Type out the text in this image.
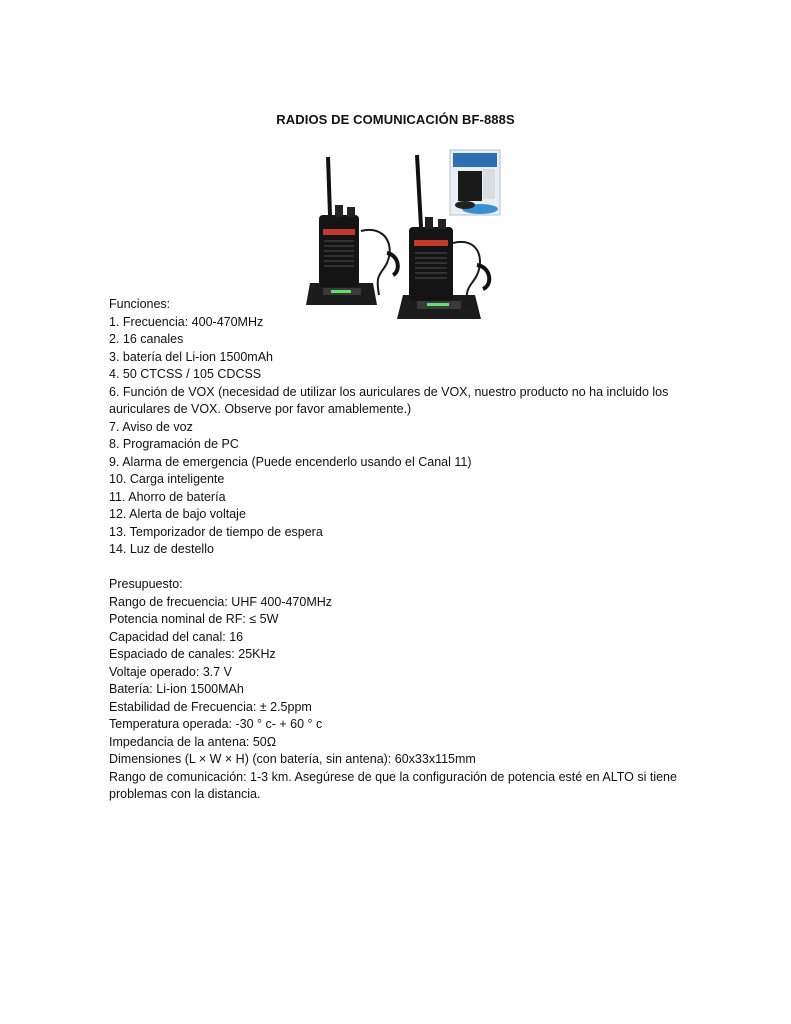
RADIOS DE COMUNICACIÓN BF-888S
Funciones:
1. Frecuencia: 400-470MHz
2. 16 canales
3. batería del Li-ion 1500mAh
4. 50 CTCSS / 105 CDCSS
6. Función de VOX (necesidad de utilizar los auriculares de VOX, nuestro producto no ha incluido los auriculares de VOX. Observe por favor amablemente.)
7. Aviso de voz
8. Programación de PC
9. Alarma de emergencia (Puede encenderlo usando el Canal 11)
10. Carga inteligente
11. Ahorro de batería
12. Alerta de bajo voltaje
13. Temporizador de tiempo de espera
14. Luz de destello
Presupuesto:
Rango de frecuencia: UHF 400-470MHz
Potencia nominal de RF: ≤ 5W
Capacidad del canal: 16
Espaciado de canales: 25KHz
Voltaje operado: 3.7 V
Batería: Li-ion 1500MAh
Estabilidad de Frecuencia: ± 2.5ppm
Temperatura operada: -30 ° c- + 60 ° c
Impedancia de la antena: 50Ω
Dimensiones (L × W × H) (con batería, sin antena): 60x33x115mm
Rango de comunicación: 1-3 km. Asegúrese de que la configuración de potencia esté en ALTO si tiene problemas con la distancia.
